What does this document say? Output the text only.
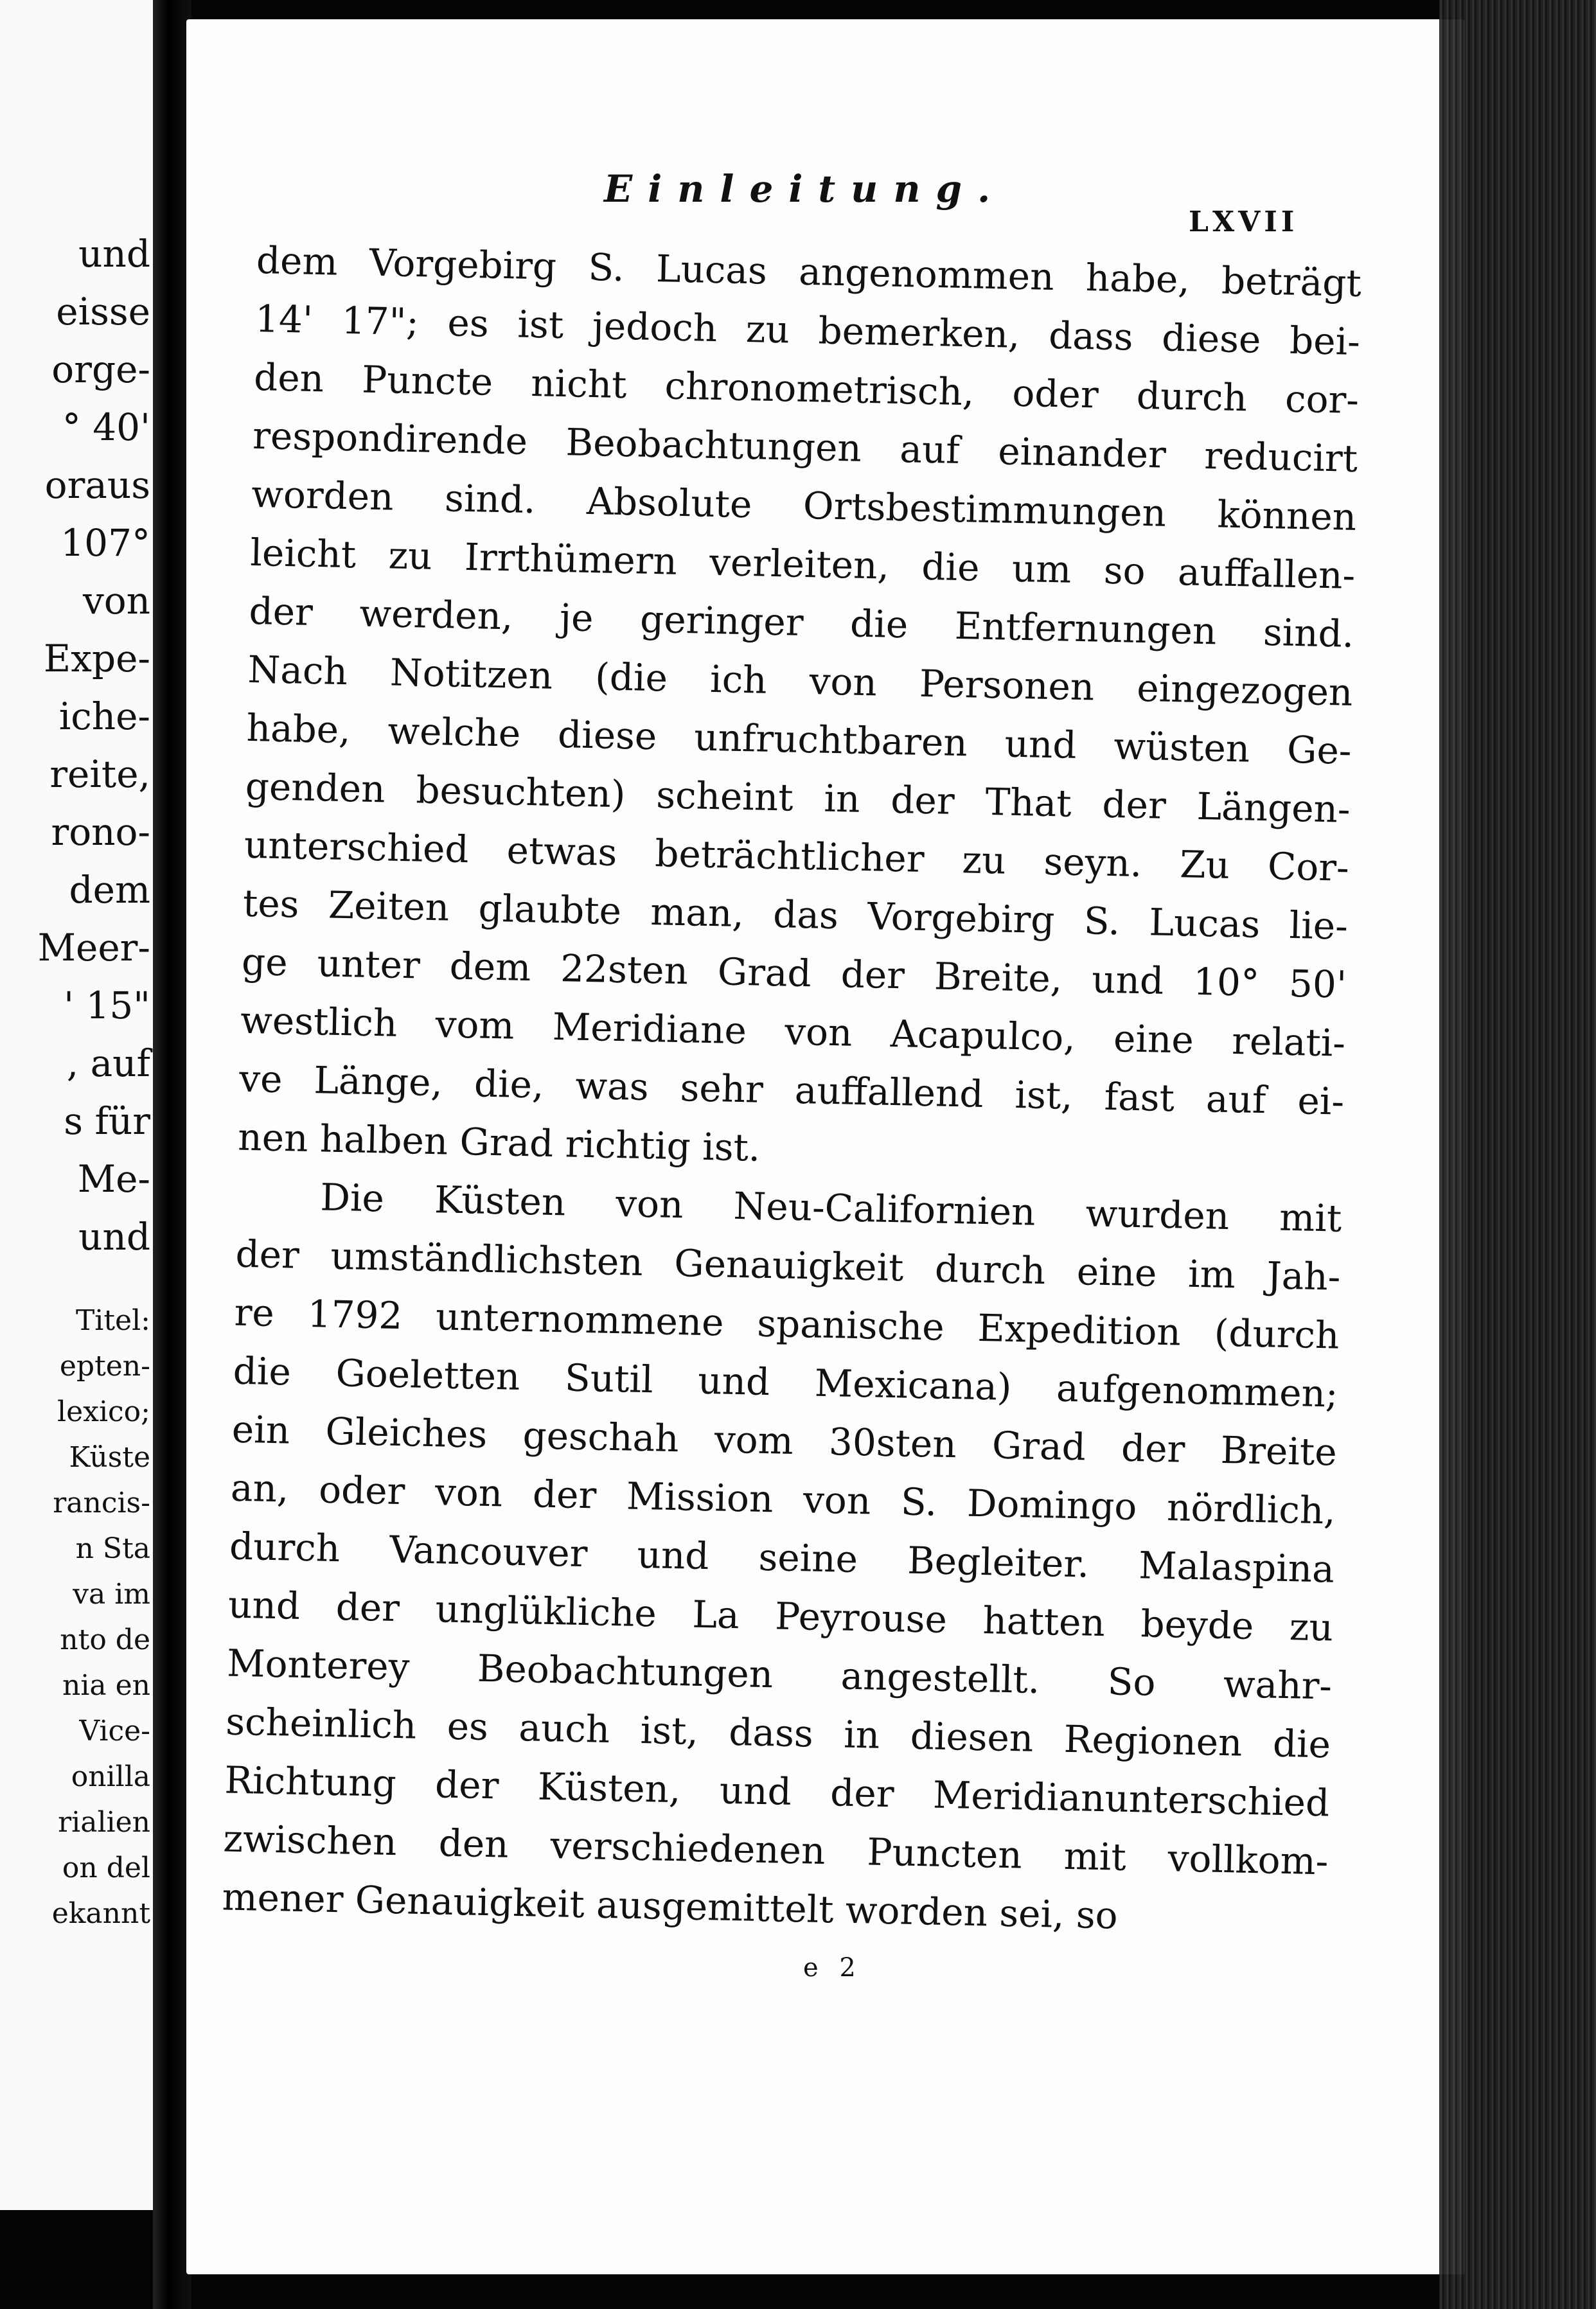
und
eisse
orge-
° 40'
oraus
107°
von
Expe-
iche-
reite,
rono-
dem
Meer-
' 15"
, auf
s für
Me-
und
Titel:
epten-
lexico;
Küste
rancis-
n Sta
va im
nto de
nia en
Vice-
onilla
rialien
on del
ekannt
Einleitung.
LXVII
dem Vorgebirg S. Lucas angenommen habe, beträgt
14' 17"; es ist jedoch zu bemerken, dass diese bei-
den Puncte nicht chronometrisch, oder durch cor-
respondirende Beobachtungen auf einander reducirt
worden sind. Absolute Ortsbestimmungen können
leicht zu Irrthümern verleiten, die um so auffallen-
der werden, je geringer die Entfernungen sind.
Nach Notitzen (die ich von Personen eingezogen
habe, welche diese unfruchtbaren und wüsten Ge-
genden besuchten) scheint in der That der Längen-
unterschied etwas beträchtlicher zu seyn. Zu Cor-
tes Zeiten glaubte man, das Vorgebirg S. Lucas lie-
ge unter dem 22sten Grad der Breite, und 10° 50'
westlich vom Meridiane von Acapulco, eine relati-
ve Länge, die, was sehr auffallend ist, fast auf ei-
nen halben Grad richtig ist.
Die Küsten von Neu-Californien wurden mit
der umständlichsten Genauigkeit durch eine im Jah-
re 1792 unternommene spanische Expedition (durch
die Goeletten Sutil und Mexicana) aufgenommen;
ein Gleiches geschah vom 30sten Grad der Breite
an, oder von der Mission von S. Domingo nördlich,
durch Vancouver und seine Begleiter. Malaspina
und der unglükliche La Peyrouse hatten beyde zu
Monterey Beobachtungen angestellt. So wahr-
scheinlich es auch ist, dass in diesen Regionen die
Richtung der Küsten, und der Meridianunterschied
zwischen den verschiedenen Puncten mit vollkom-
mener Genauigkeit ausgemittelt worden sei, so
e 2
